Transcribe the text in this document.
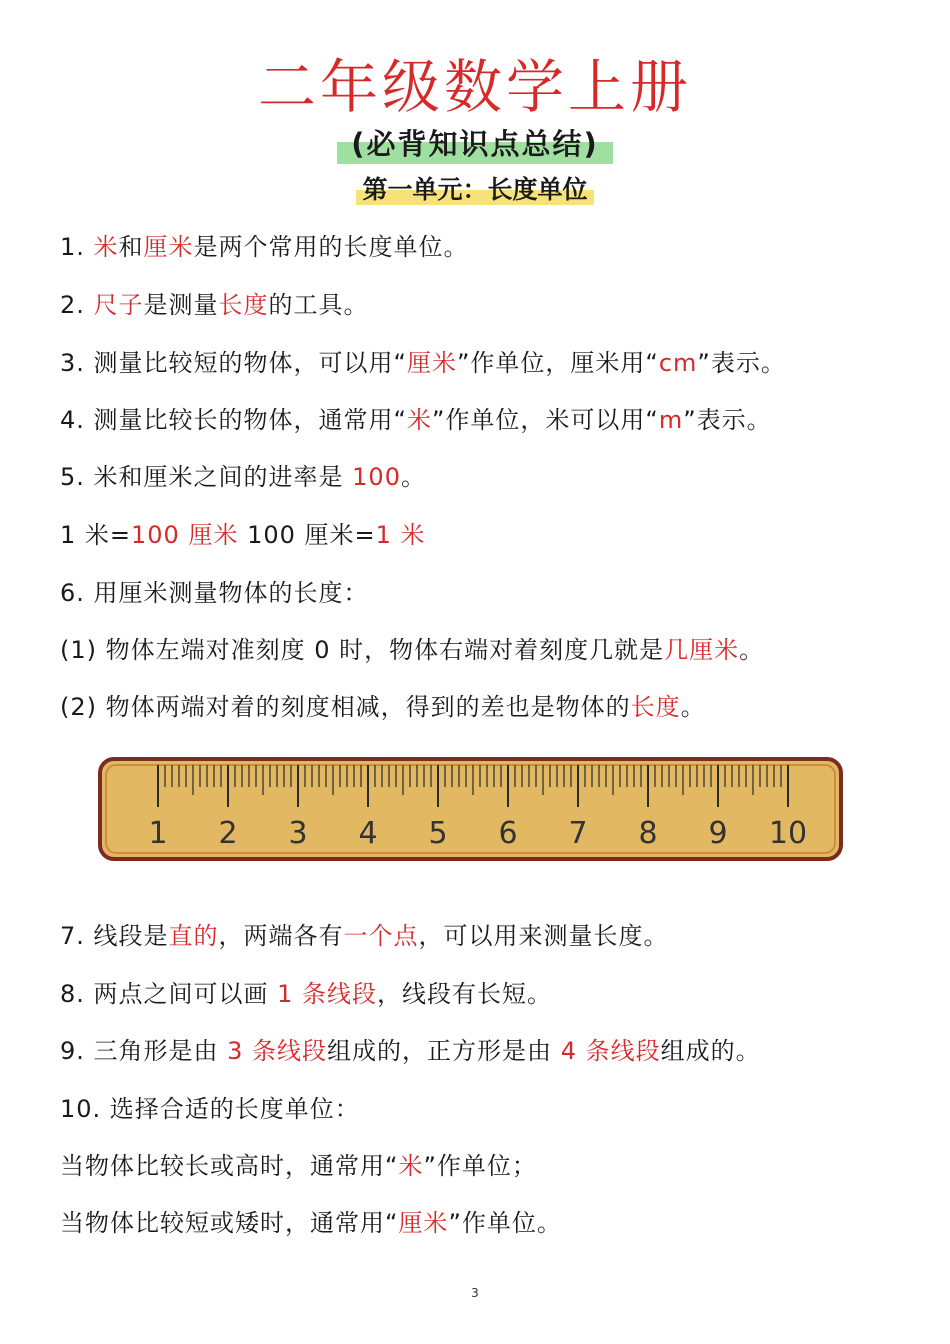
二年级数学上册
(必背知识点总结)
第一单元：长度单位
1. 米和厘米是两个常用的长度单位。
2. 尺子是测量长度的工具。
3. 测量比较短的物体，可以用“厘米”作单位，厘米用“cm”表示。
4. 测量比较长的物体，通常用“米”作单位，米可以用“m”表示。
5. 米和厘米之间的进率是 100。
1 米=100 厘米 100 厘米=1 米
6. 用厘米测量物体的长度：
(1) 物体左端对准刻度 0 时，物体右端对着刻度几就是几厘米。
(2) 物体两端对着的刻度相减，得到的差也是物体的长度。
1 2 3 4 5 6 7 8 9 10
7. 线段是直的，两端各有一个点，可以用来测量长度。
8. 两点之间可以画 1 条线段，线段有长短。
9. 三角形是由 3 条线段组成的，正方形是由 4 条线段组成的。
10. 选择合适的长度单位：
当物体比较长或高时，通常用“米”作单位；
当物体比较短或矮时，通常用“厘米”作单位。
3
